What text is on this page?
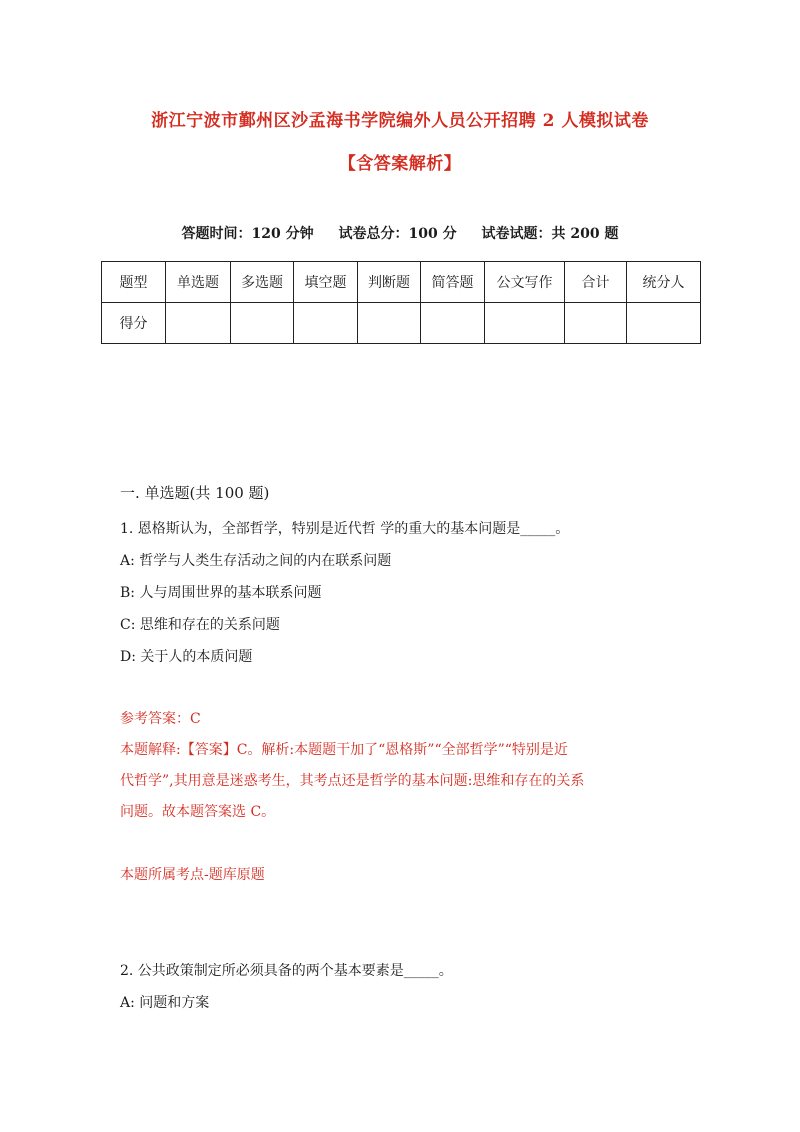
浙江宁波市鄞州区沙孟海书学院编外人员公开招聘 2 人模拟试卷
【含答案解析】
答题时间：120 分钟 试卷总分：100 分 试卷试题：共 200 题
题型	单选题	多选题	填空题	判断题	简答题	公文写作	合计	统分人
得分								
一. 单选题(共 100 题)
1. 恩格斯认为，全部哲学，特别是近代哲 学的重大的基本问题是_____。
A: 哲学与人类生存活动之间的内在联系问题
B: 人与周围世界的基本联系问题
C: 思维和存在的关系问题
D: 关于人的本质问题
参考答案：C
本题解释:【答案】C。解析:本题题干加了“恩格斯”“全部哲学”“特别是近
代哲学”,其用意是迷惑考生，其考点还是哲学的基本问题:思维和存在的关系
问题。故本题答案选 C。
本题所属考点-题库原题
2. 公共政策制定所必须具备的两个基本要素是_____。
A: 问题和方案
